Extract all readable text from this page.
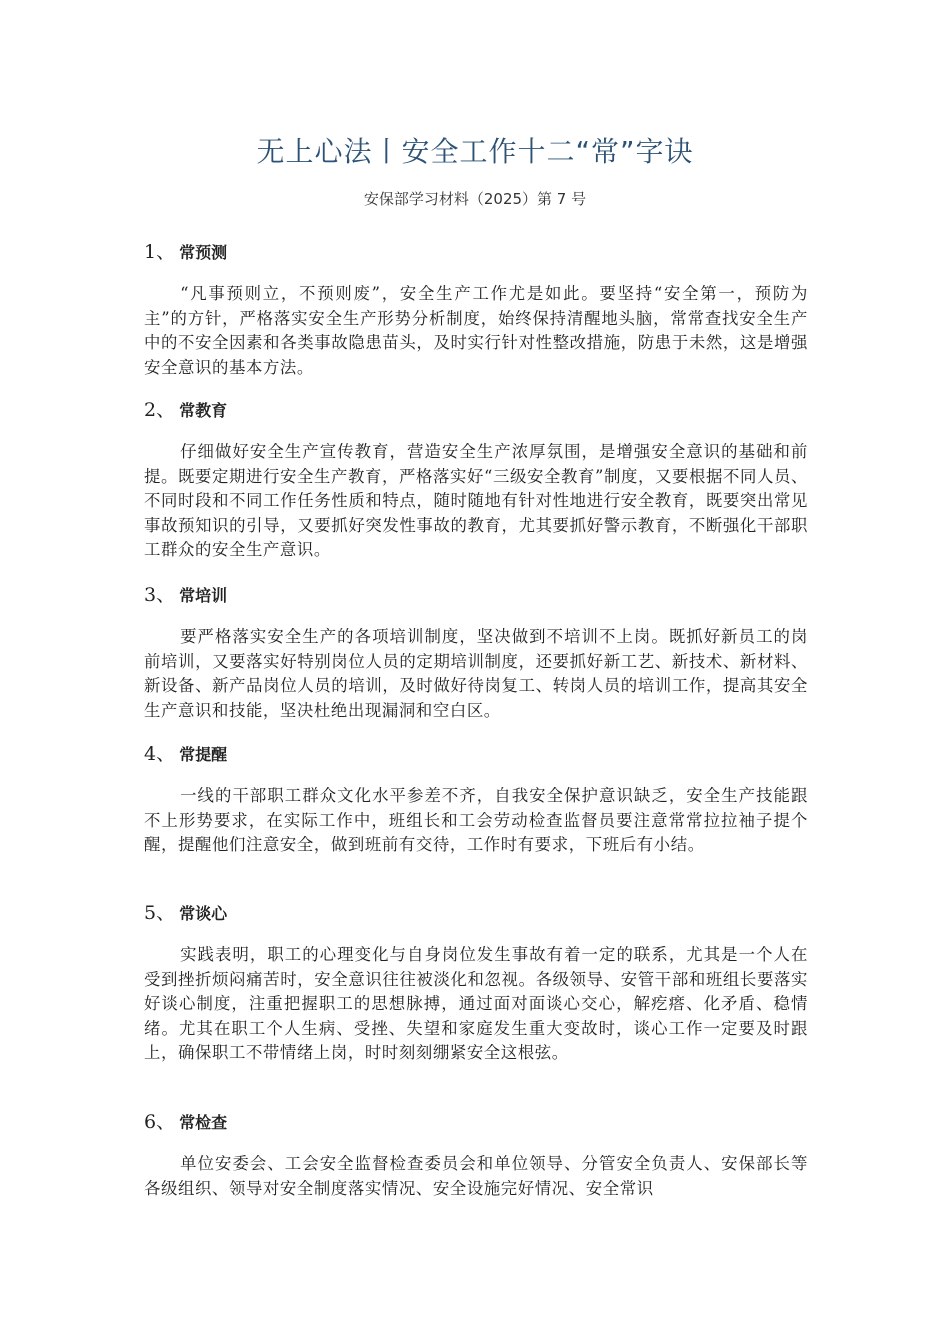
无上心法丨安全工作十二“常”字诀
安保部学习材料（2025）第 7 号
1、 常预测
“凡事预则立，不预则废”，安全生产工作尤是如此。要坚持“安全第一，预防为主”的方针，严格落实安全生产形势分析制度，始终保持清醒地头脑，常常查找安全生产中的不安全因素和各类事故隐患苗头，及时实行针对性整改措施，防患于未然，这是增强安全意识的基本方法。
2、 常教育
仔细做好安全生产宣传教育，营造安全生产浓厚氛围，是增强安全意识的基础和前提。既要定期进行安全生产教育，严格落实好“三级安全教育”制度，又要根据不同人员、不同时段和不同工作任务性质和特点，随时随地有针对性地进行安全教育，既要突出常见事故预知识的引导，又要抓好突发性事故的教育，尤其要抓好警示教育，不断强化干部职工群众的安全生产意识。
3、 常培训
要严格落实安全生产的各项培训制度，坚决做到不培训不上岗。既抓好新员工的岗前培训，又要落实好特别岗位人员的定期培训制度，还要抓好新工艺、新技术、新材料、新设备、新产品岗位人员的培训，及时做好待岗复工、转岗人员的培训工作，提高其安全生产意识和技能，坚决杜绝出现漏洞和空白区。
4、 常提醒
一线的干部职工群众文化水平参差不齐，自我安全保护意识缺乏，安全生产技能跟不上形势要求，在实际工作中，班组长和工会劳动检查监督员要注意常常拉拉袖子提个醒，提醒他们注意安全，做到班前有交待，工作时有要求，下班后有小结。
5、 常谈心
实践表明，职工的心理变化与自身岗位发生事故有着一定的联系，尤其是一个人在受到挫折烦闷痛苦时，安全意识往往被淡化和忽视。各级领导、安管干部和班组长要落实好谈心制度，注重把握职工的思想脉搏，通过面对面谈心交心，解疙瘩、化矛盾、稳情绪。尤其在职工个人生病、受挫、失望和家庭发生重大变故时，谈心工作一定要及时跟上，确保职工不带情绪上岗，时时刻刻绷紧安全这根弦。
6、 常检查
单位安委会、工会安全监督检查委员会和单位领导、分管安全负责人、安保部长等各级组织、领导对安全制度落实情况、安全设施完好情况、安全常识
